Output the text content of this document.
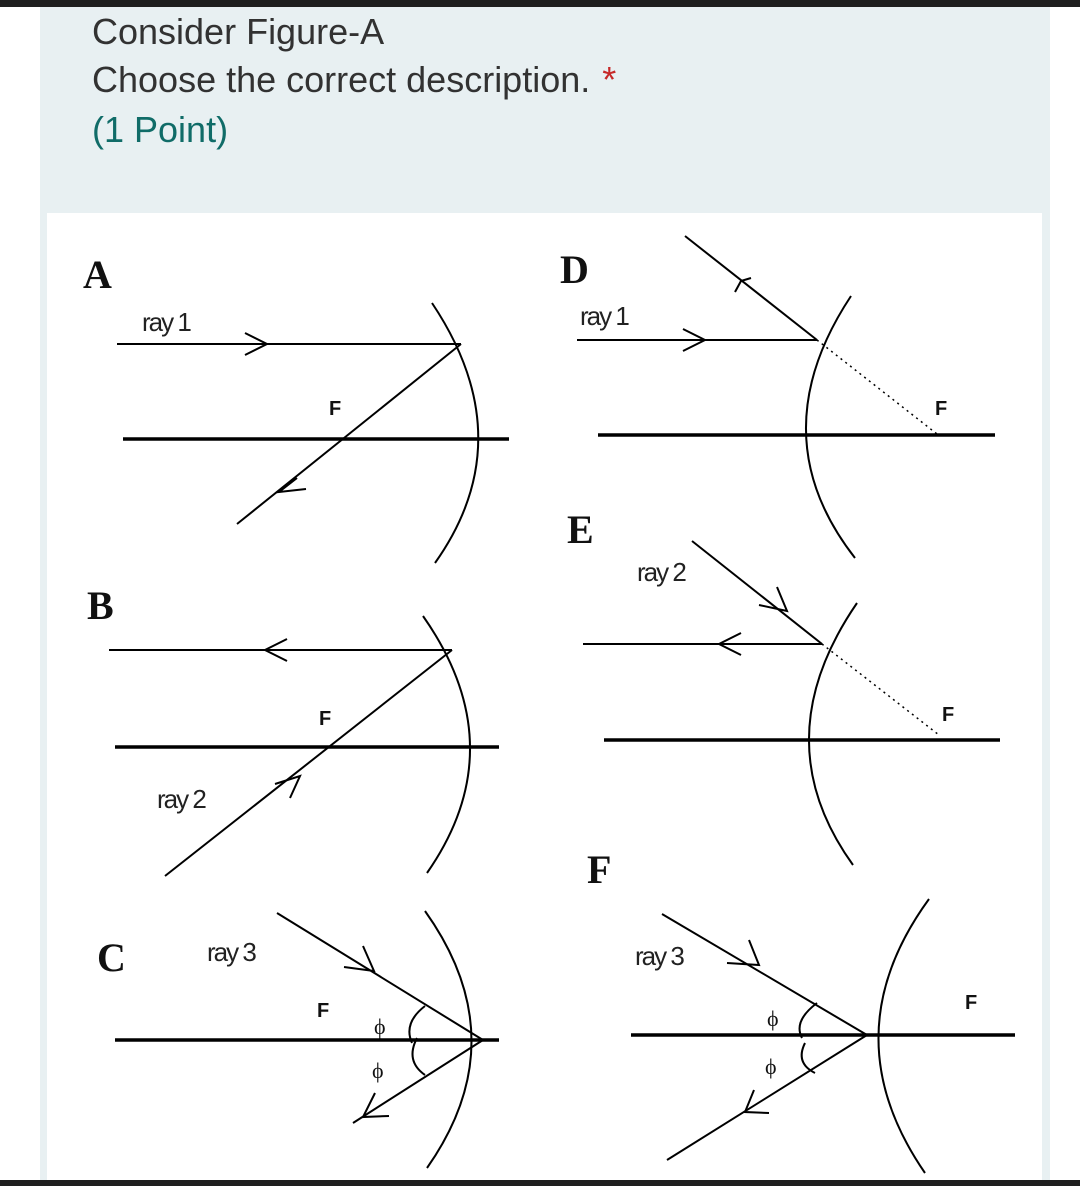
Consider Figure-A
Choose the correct description. *
(1 Point)
A
ray 1
F
B
ray 2
F
C	ray 3
F
ϕ
ϕ
D
ray 1
F
E
ray 2
F
F
ray 3
F
ϕ
ϕ
